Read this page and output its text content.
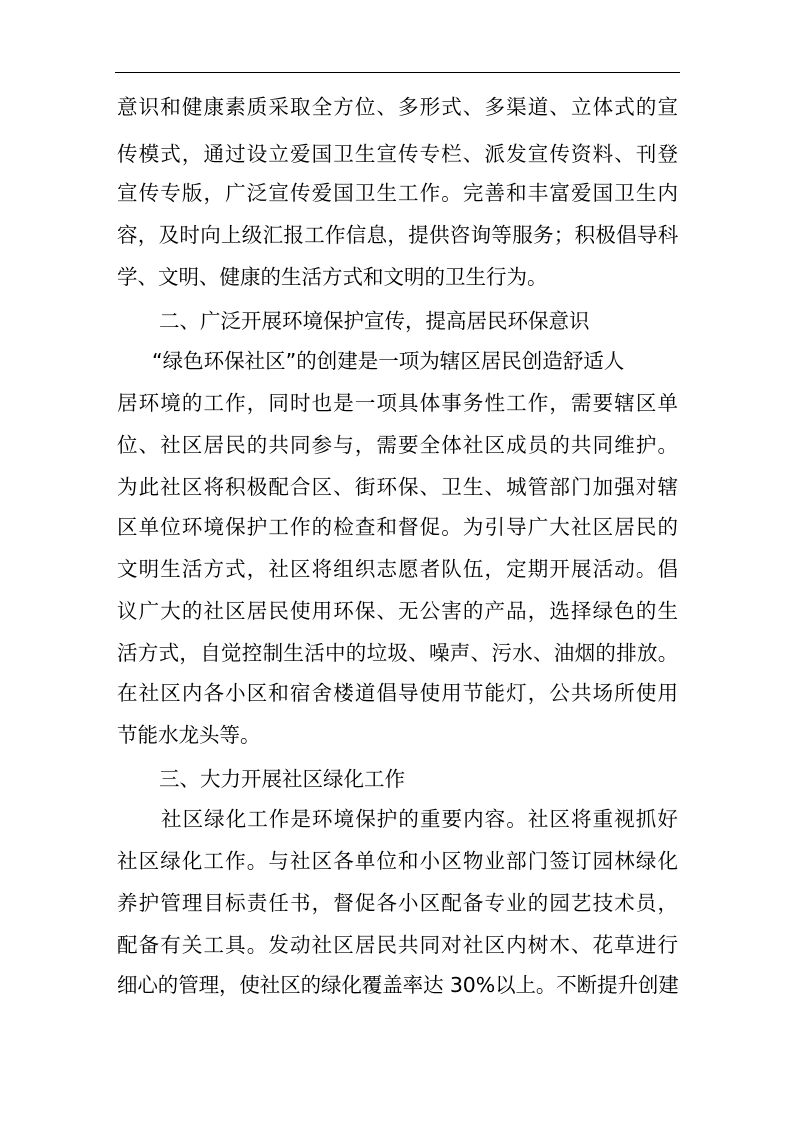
意识和健康素质采取全方位、多形式、多渠道、立体式的宣
传模式，通过设立爱国卫生宣传专栏、派发宣传资料、刊登
宣传专版，广泛宣传爱国卫生工作。完善和丰富爱国卫生内
容，及时向上级汇报工作信息，提供咨询等服务；积极倡导科
学、文明、健康的生活方式和文明的卫生行为。
二、广泛开展环境保护宣传，提高居民环保意识
“绿色环保社区”的创建是一项为辖区居民创造舒适人
居环境的工作，同时也是一项具体事务性工作，需要辖区单
位、社区居民的共同参与，需要全体社区成员的共同维护。
为此社区将积极配合区、街环保、卫生、城管部门加强对辖
区单位环境保护工作的检查和督促。为引导广大社区居民的
文明生活方式，社区将组织志愿者队伍，定期开展活动。倡
议广大的社区居民使用环保、无公害的产品，选择绿色的生
活方式，自觉控制生活中的垃圾、噪声、污水、油烟的排放。
在社区内各小区和宿舍楼道倡导使用节能灯，公共场所使用
节能水龙头等。
三、大力开展社区绿化工作
社区绿化工作是环境保护的重要内容。社区将重视抓好
社区绿化工作。与社区各单位和小区物业部门签订园林绿化
养护管理目标责任书，督促各小区配备专业的园艺技术员，
配备有关工具。发动社区居民共同对社区内树木、花草进行
细心的管理，使社区的绿化覆盖率达 30%以上。不断提升创建
